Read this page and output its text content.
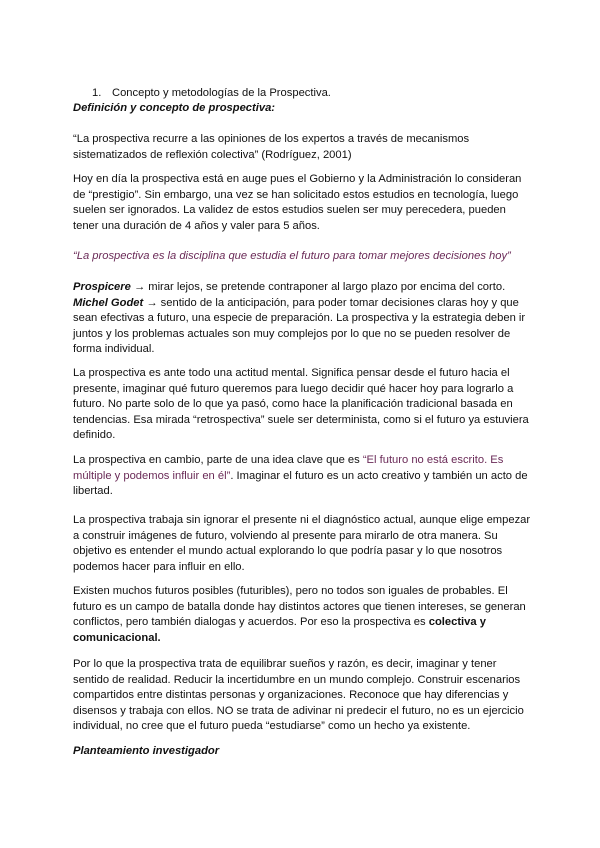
1. Concepto y metodologías de la Prospectiva.
Definición y concepto de prospectiva:
“La prospectiva recurre a las opiniones de los expertos a través de mecanismos sistematizados de reflexión colectiva” (Rodríguez, 2001)
Hoy en día la prospectiva está en auge pues el Gobierno y la Administración lo consideran de “prestigio”. Sin embargo, una vez se han solicitado estos estudios en tecnología, luego suelen ser ignorados. La validez de estos estudios suelen ser muy perecedera, pueden tener una duración de 4 años y valer para 5 años.
“La prospectiva es la disciplina que estudia el futuro para tomar mejores decisiones hoy”
Prospicere → mirar lejos, se pretende contraponer al largo plazo por encima del corto.
Michel Godet → sentido de la anticipación, para poder tomar decisiones claras hoy y que sean efectivas a futuro, una especie de preparación. La prospectiva y la estrategia deben ir juntos y los problemas actuales son muy complejos por lo que no se pueden resolver de forma individual.
La prospectiva es ante todo una actitud mental. Significa pensar desde el futuro hacia el presente, imaginar qué futuro queremos para luego decidir qué hacer hoy para lograrlo a futuro. No parte solo de lo que ya pasó, como hace la planificación tradicional basada en tendencias. Esa mirada “retrospectiva” suele ser determinista, como si el futuro ya estuviera definido.
La prospectiva en cambio, parte de una idea clave que es “El futuro no está escrito. Es múltiple y podemos influir en él”. Imaginar el futuro es un acto creativo y también un acto de libertad.
La prospectiva trabaja sin ignorar el presente ni el diagnóstico actual, aunque elige empezar a construir imágenes de futuro, volviendo al presente para mirarlo de otra manera. Su objetivo es entender el mundo actual explorando lo que podría pasar y lo que nosotros podemos hacer para influir en ello.
Existen muchos futuros posibles (futuribles), pero no todos son iguales de probables. El futuro es un campo de batalla donde hay distintos actores que tienen intereses, se generan conflictos, pero también dialogas y acuerdos. Por eso la prospectiva es colectiva y comunicacional.
Por lo que la prospectiva trata de equilibrar sueños y razón, es decir, imaginar y tener sentido de realidad. Reducir la incertidumbre en un mundo complejo. Construir escenarios compartidos entre distintas personas y organizaciones. Reconoce que hay diferencias y disensos y trabaja con ellos. NO se trata de adivinar ni predecir el futuro, no es un ejercicio individual, no cree que el futuro pueda “estudiarse” como un hecho ya existente.
Planteamiento investigador
